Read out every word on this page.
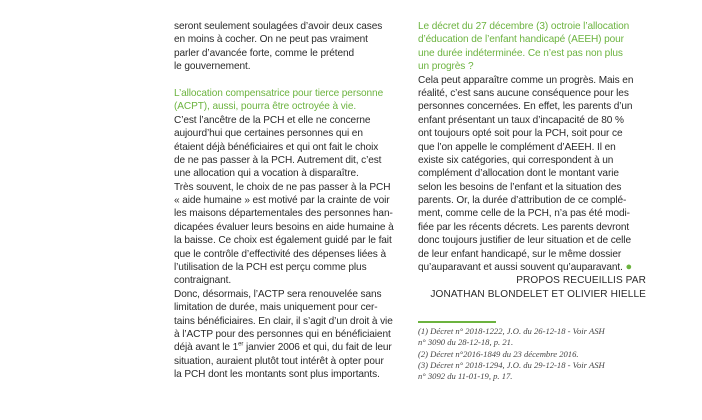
seront seulement soulagées d’avoir deux cases
en moins à cocher. On ne peut pas vraiment
parler d’avancée forte, comme le prétend
le gouvernement.
L’allocation compensatrice pour tierce personne
(ACPT), aussi, pourra être octroyée à vie.
C’est l’ancêtre de la PCH et elle ne concerne
aujourd’hui que certaines personnes qui en
étaient déjà bénéficiaires et qui ont fait le choix
de ne pas passer à la PCH. Autrement dit, c’est
une allocation qui a vocation à disparaître.
Très souvent, le choix de ne pas passer à la PCH
« aide humaine » est motivé par la crainte de voir
les maisons départementales des personnes han-
dicapées évaluer leurs besoins en aide humaine à
la baisse. Ce choix est également guidé par le fait
que le contrôle d’effectivité des dépenses liées à
l’utilisation de la PCH est perçu comme plus
contraignant.
Donc, désormais, l’ACTP sera renouvelée sans
limitation de durée, mais uniquement pour cer-
tains bénéficiaires. En clair, il s’agit d’un droit à vie
à l’ACTP pour des personnes qui en bénéficiaient
déjà avant le 1er janvier 2006 et qui, du fait de leur
situation, auraient plutôt tout intérêt à opter pour
la PCH dont les montants sont plus importants.
Le décret du 27 décembre (3) octroie l’allocation
d’éducation de l’enfant handicapé (AEEH) pour
une durée indéterminée. Ce n’est pas non plus
un progrès ?
Cela peut apparaître comme un progrès. Mais en
réalité, c’est sans aucune conséquence pour les
personnes concernées. En effet, les parents d’un
enfant présentant un taux d’incapacité de 80 %
ont toujours opté soit pour la PCH, soit pour ce
que l’on appelle le complément d’AEEH. Il en
existe six catégories, qui correspondent à un
complément d’allocation dont le montant varie
selon les besoins de l’enfant et la situation des
parents. Or, la durée d’attribution de ce complé-
ment, comme celle de la PCH, n’a pas été modi-
fiée par les récents décrets. Les parents devront
donc toujours justifier de leur situation et de celle
de leur enfant handicapé, sur le même dossier
qu’auparavant et aussi souvent qu’auparavant. ●
PROPOS RECUEILLIS PAR
JONATHAN BLONDELET ET OLIVIER HIELLE
(1) Décret n° 2018-1222, J.O. du 26-12-18 - Voir ASH
n° 3090 du 28-12-18, p. 21.
(2) Décret n°2016-1849 du 23 décembre 2016.
(3) Décret n° 2018-1294, J.O. du 29-12-18 - Voir ASH
n° 3092 du 11-01-19, p. 17.
